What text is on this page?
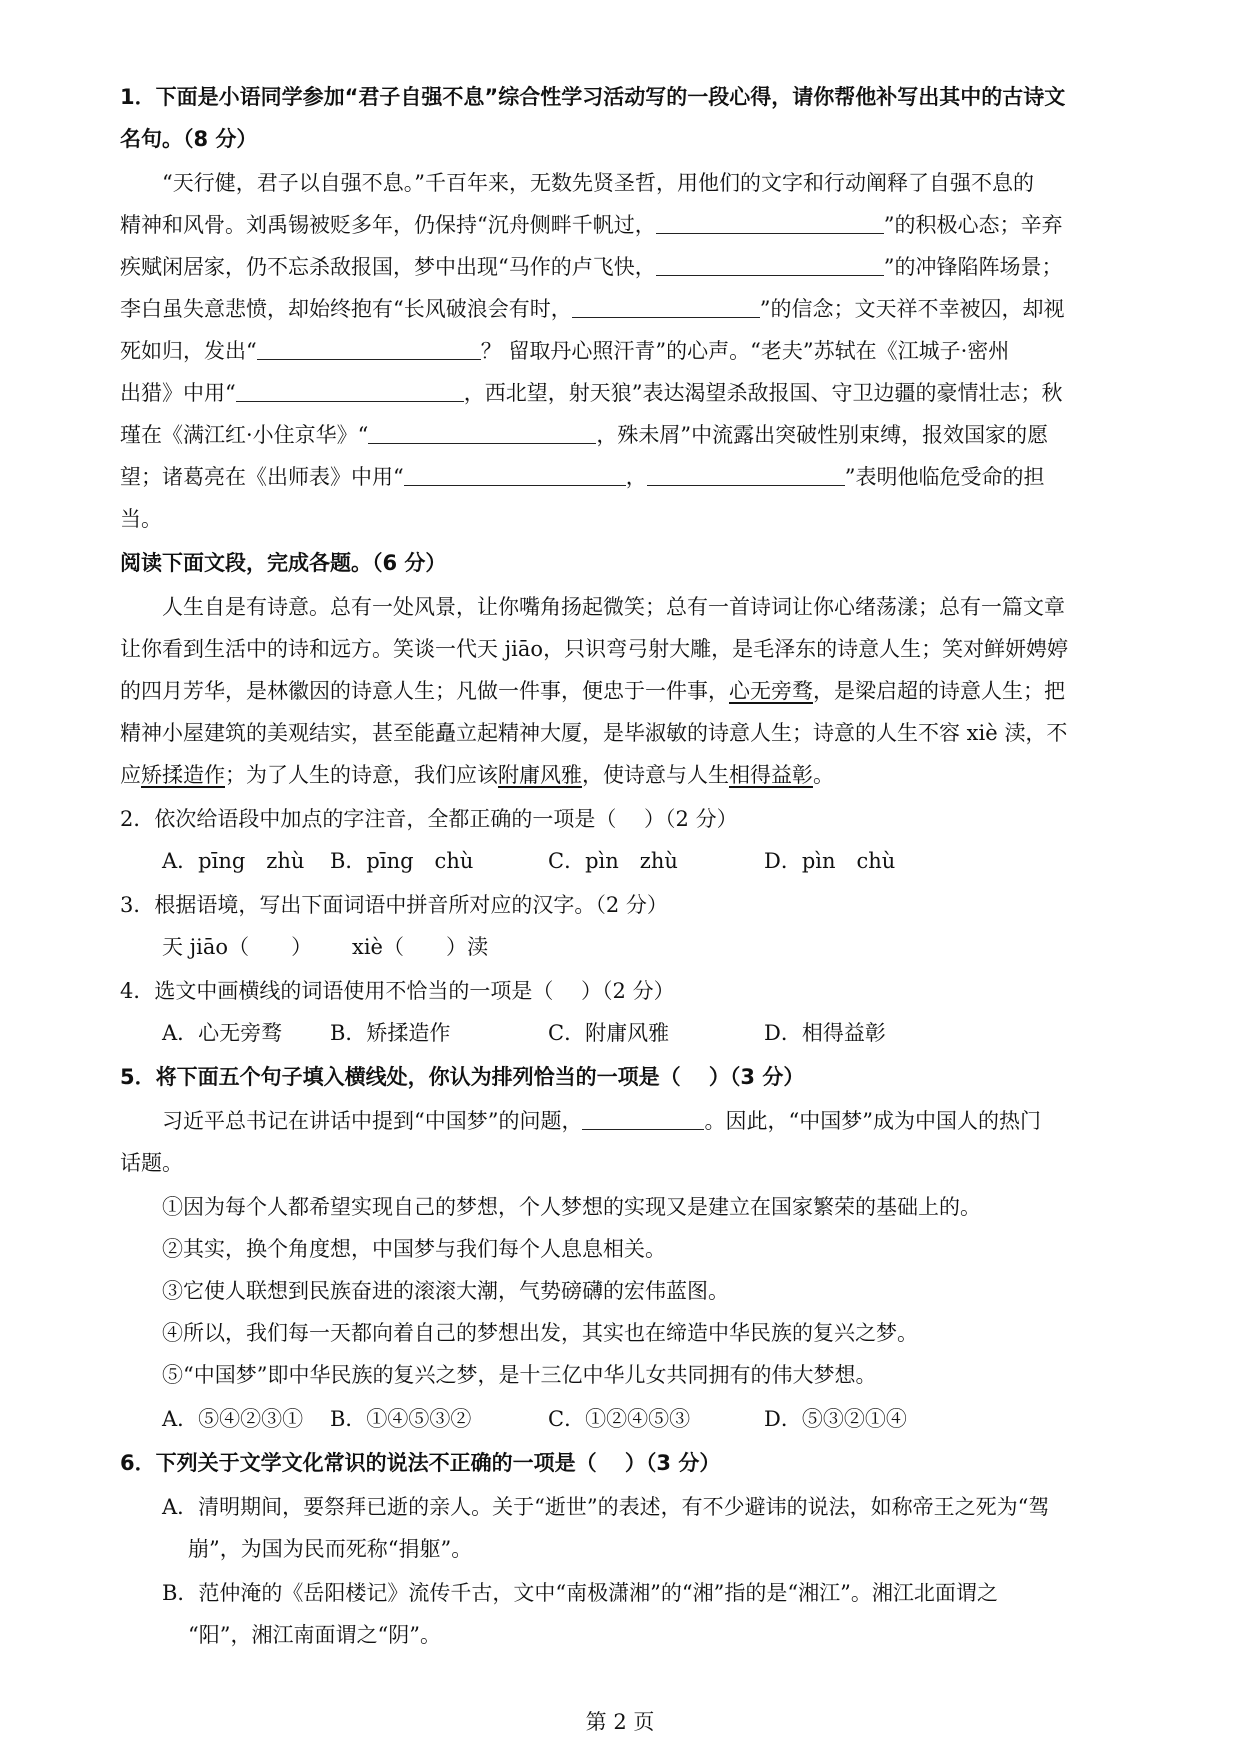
1．下面是小语同学参加“君子自强不息”综合性学习活动写的一段心得，请你帮他补写出其中的古诗文
名句。（8 分）
“天行健，君子以自强不息。”千百年来，无数先贤圣哲，用他们的文字和行动阐释了自强不息的
精神和风骨。刘禹锡被贬多年，仍保持“沉舟侧畔千帆过，	”的积极心态；辛弃
疾赋闲居家，仍不忘杀敌报国，梦中出现“马作的卢飞快，	”的冲锋陷阵场景；
李白虽失意悲愤，却始终抱有“长风破浪会有时，	”的信念；文天祥不幸被囚，却视
死如归，发出“	？ 留取丹心照汗青”的心声。“老夫”苏轼在《江城子·密州
出猎》中用“	，西北望，射天狼”表达渴望杀敌报国、守卫边疆的豪情壮志；秋
瑾在《满江红·小住京华》“	，殊未屑”中流露出突破性别束缚，报效国家的愿
望；诸葛亮在《出师表》中用“	，	”表明他临危受命的担
当。
阅读下面文段，完成各题。（6 分）
人生自是有诗意。总有一处风景，让你嘴角扬起微笑；总有一首诗词让你心绪荡漾；总有一篇文章
让你看到生活中的诗和远方。笑谈一代天 jiāo，只识弯弓射大雕，是毛泽东的诗意人生；笑对鲜妍娉婷
的四月芳华，是林徽因的诗意人生；凡做一件事，便忠于一件事，心无旁骛，是梁启超的诗意人生；把
精神小屋建筑的美观结实，甚至能矗立起精神大厦，是毕淑敏的诗意人生；诗意的人生不容 xiè 渎，不
应矫揉造作；为了人生的诗意，我们应该附庸风雅，使诗意与人生相得益彰。
2．依次给语段中加点的字注音，全都正确的一项是（　 ）（2 分）
A．pīng　zhù B．pīng　chù	C．pìn　zhù	D．pìn　chù
3．根据语境，写出下面词语中拼音所对应的汉字。（2 分）
天 jiāo（　　） xiè（　　）渎
4．选文中画横线的词语使用不恰当的一项是（　 ）（2 分）
A．心无旁骛 B．矫揉造作	C．附庸风雅	D．相得益彰
5．将下面五个句子填入横线处，你认为排列恰当的一项是（　 ）（3 分）
习近平总书记在讲话中提到“中国梦”的问题，	。因此，“中国梦”成为中国人的热门
话题。
①因为每个人都希望实现自己的梦想，个人梦想的实现又是建立在国家繁荣的基础上的。
②其实，换个角度想，中国梦与我们每个人息息相关。
③它使人联想到民族奋进的滚滚大潮，气势磅礴的宏伟蓝图。
④所以，我们每一天都向着自己的梦想出发，其实也在缔造中华民族的复兴之梦。
⑤“中国梦”即中华民族的复兴之梦，是十三亿中华儿女共同拥有的伟大梦想。
A．⑤④②③① B．①④⑤③②	C．①②④⑤③	D．⑤③②①④
6．下列关于文学文化常识的说法不正确的一项是（　 ）（3 分）
A．清明期间，要祭拜已逝的亲人。关于“逝世”的表述，有不少避讳的说法，如称帝王之死为“驾
崩”，为国为民而死称“捐躯”。
B．范仲淹的《岳阳楼记》流传千古，文中“南极潇湘”的“湘”指的是“湘江”。湘江北面谓之
“阳”，湘江南面谓之“阴”。
第 2 页
